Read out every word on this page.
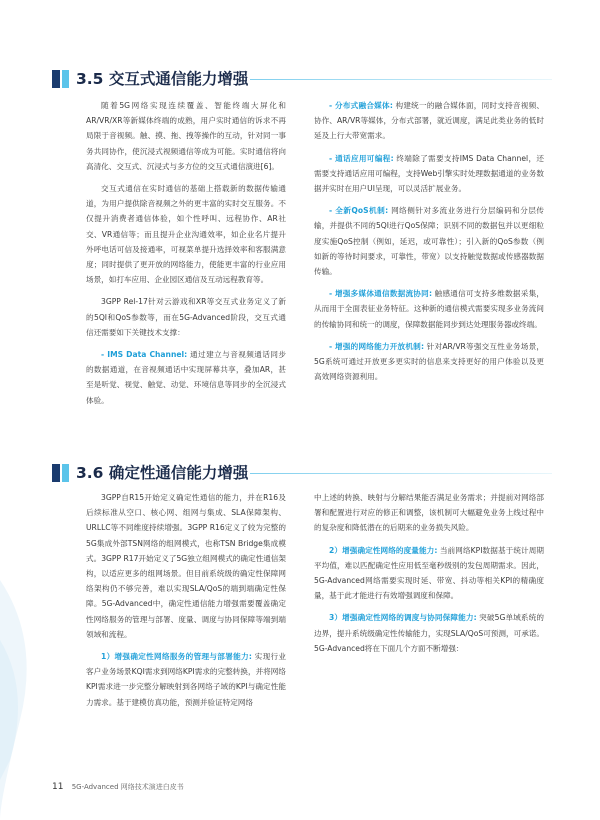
3.5 交互式通信能力增强

随着5G网络实现连续覆盖、智能终端大屏化和AR/VR/XR等新媒体终端的成熟，用户实时通信的诉求不再局限于音视频。触、摸、拖、拽等操作的互动，针对同一事务共同协作，使沉浸式视频通信等成为可能。实时通信将向高清化、交互式、沉浸式与多方位的交互式通信演进[6]。

交互式通信在实时通信的基础上搭载新的数据传输通道，为用户提供除音视频之外的更丰富的实时交互服务。不仅提升消费者通信体验，如个性呼叫、远程协作、AR社交、VR通信等；而且提升企业沟通效率，如企业名片提升外呼电话可信及接通率，可视菜单提升选择效率和客服满意度；同时提供了更开放的网络能力，使能更丰富的行业应用场景，如打车应用、企业园区通信及互动远程教育等。

3GPP Rel-17针对云游戏和XR等交互式业务定义了新的5QI和QoS参数等，而在5G-Advanced阶段，交互式通信还需要如下关键技术支撑：

- IMS Data Channel: 通过建立与音视频通话同步的数据通道，在音视频通话中实现屏幕共享，叠加AR，甚至是听觉、视觉、触觉、动觉、环境信息等同步的全沉浸式体验。

- 分布式融合媒体: 构建统一的融合媒体面，同时支持音视频、协作、AR/VR等媒体，分布式部署，就近调度，满足此类业务的低时延及上行大带宽需求。

- 通话应用可编程: 终端除了需要支持IMS Data Channel，还需要支持通话应用可编程，支持Web引擎实时处理数据通道的业务数据并实时在用户UI呈现，可以灵活扩展业务。

- 全新QoS机制: 网络侧针对多流业务进行分层编码和分层传输，并提供不同的5QI进行QoS保障；识别不同的数据包并以更细粒度实施QoS控制（例如，延迟，或可靠性）；引入新的QoS参数（例如新的等待时间要求，可靠性，带宽）以支持触觉数据或传感器数据传输。

- 增强多媒体通信数据流协同: 触感通信可支持多维数据采集，从而用于全面表征业务特征。这种新的通信模式需要实现多业务流间的传输协同和统一的调度，保障数据能同步到达处理服务器或终端。

- 增强的网络能力开放机制: 针对AR/VR等强交互性业务场景，5G系统可通过开放更多更实时的信息来支持更好的用户体验以及更高效网络资源利用。

3.6 确定性通信能力增强

3GPP自R15开始定义确定性通信的能力，并在R16及后续标准从空口、核心网、组网与集成、SLA保障架构、URLLC等不同维度持续增强。3GPP R16定义了较为完整的5G集成外部TSN网络的组网模式，也称TSN Bridge集成模式。3GPP R17开始定义了5G独立组网模式的确定性通信架构，以适应更多的组网场景。但目前系统级的确定性保障网络架构仍不够完善，难以实现SLA/QoS的端到端确定性保障。5G-Advanced中，确定性通信能力增强需要覆盖确定性网络服务的管理与部署、度量、调度与协同保障等端到端领域和流程。

1）增强确定性网络服务的管理与部署能力: 实现行业客户业务场景KQI需求到网络KPI需求的完整转换，并将网络KPI需求进一步完整分解映射到各网络子域的KPI与确定性能力需求。基于建模仿真功能，预测并验证特定网络

中上述的转换、映射与分解结果能否满足业务需求；并提前对网络部署和配置进行对应的修正和调整，该机制可大幅避免业务上线过程中的复杂度和降低潜在的后期来的业务损失风险。

2）增强确定性网络的度量能力: 当前网络KPI数据基于统计周期平均值，难以匹配确定性应用低至毫秒级别的发包周期需求。因此，5G-Advanced网络需要实现时延、带宽、抖动等相关KPI的精确度量，基于此才能进行有效增强调度和保障。

3）增强确定性网络的调度与协同保障能力: 突破5G单域系统的边界，提升系统级确定性传输能力，实现SLA/QoS可预测，可承诺。5G-Advanced将在下面几个方面不断增强：

11 5G-Advanced 网络技术演进白皮书
